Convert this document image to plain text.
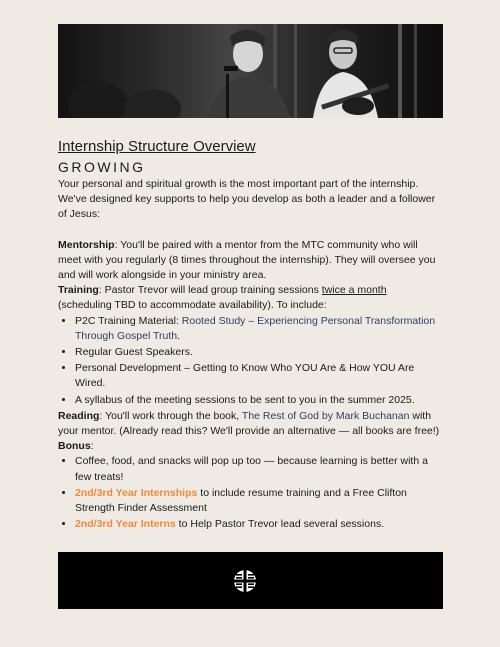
Internship Structure Overview
GROWING

Your personal and spiritual growth is the most important part of the internship. We've designed key supports to help you develop as both a leader and a follower of Jesus:

Mentorship: You'll be paired with a mentor from the MTC community who will meet with you regularly (8 times throughout the internship). They will oversee you and will work alongside in your ministry area.

Training: Pastor Trevor will lead group training sessions twice a month (scheduling TBD to accommodate availability). To include:

• P2C Training Material: Rooted Study – Experiencing Personal Transformation Through Gospel Truth.
• Regular Guest Speakers.
• Personal Development – Getting to Know Who YOU Are & How YOU Are Wired.
• A syllabus of the meeting sessions to be sent to you in the summer 2025.

Reading: You'll work through the book, The Rest of God by Mark Buchanan with your mentor. (Already read this? We'll provide an alternative — all books are free!)

Bonus:

• Coffee, food, and snacks will pop up too — because learning is better with a few treats!
• 2nd/3rd Year Internships to include resume training and a Free Clifton Strength Finder Assessment
• 2nd/3rd Year Interns to Help Pastor Trevor lead several sessions.
